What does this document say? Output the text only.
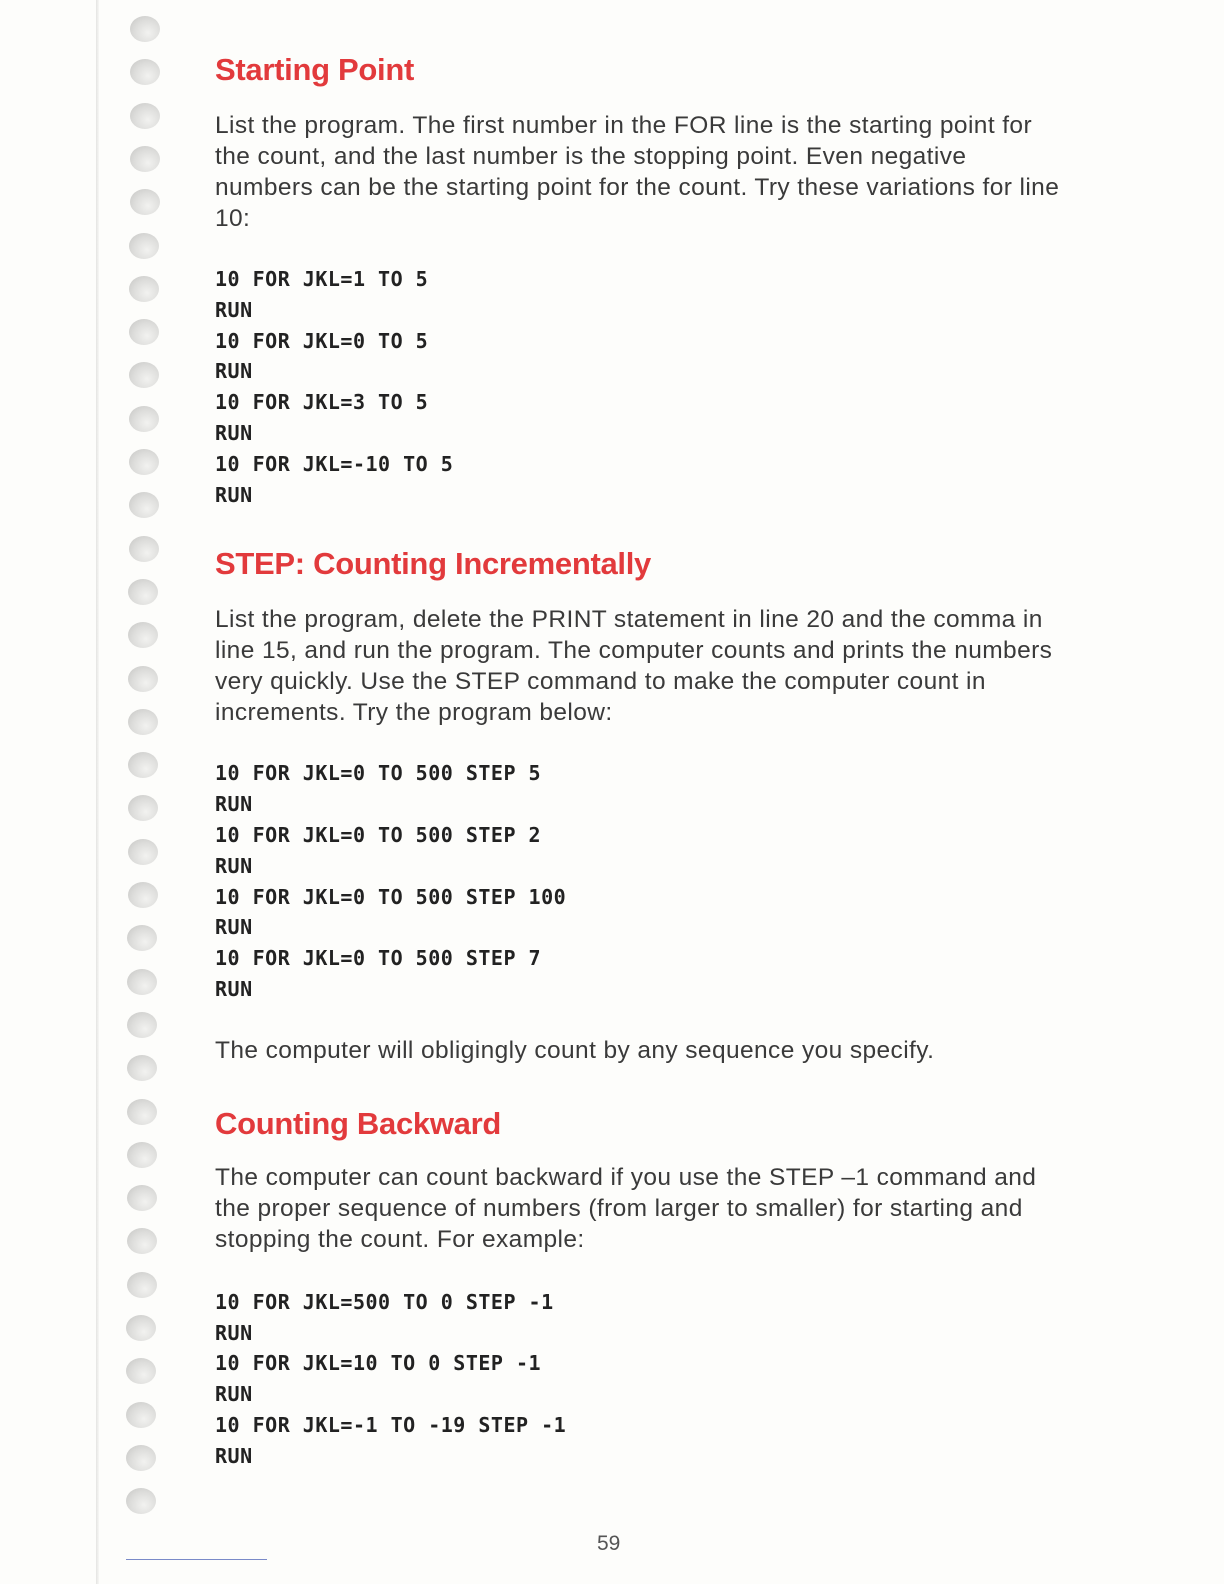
Starting Point

List the program. The first number in the FOR line is the starting point for the count, and the last number is the stopping point. Even negative numbers can be the starting point for the count. Try these variations for line 10:

10 FOR JKL=1 TO 5
RUN
10 FOR JKL=0 TO 5
RUN
10 FOR JKL=3 TO 5
RUN
10 FOR JKL=-10 TO 5
RUN
STEP: Counting Incrementally

List the program, delete the PRINT statement in line 20 and the comma in line 15, and run the program. The computer counts and prints the numbers very quickly. Use the STEP command to make the computer count in increments. Try the program below:

10 FOR JKL=0 TO 500 STEP 5
RUN
10 FOR JKL=0 TO 500 STEP 2
RUN
10 FOR JKL=0 TO 500 STEP 100
RUN
10 FOR JKL=0 TO 500 STEP 7
RUN

The computer will obligingly count by any sequence you specify.

Counting Backward

The computer can count backward if you use the STEP –1 command and the proper sequence of numbers (from larger to smaller) for starting and stopping the count. For example:

10 FOR JKL=500 TO 0 STEP -1
RUN
10 FOR JKL=10 TO 0 STEP -1
RUN
10 FOR JKL=-1 TO -19 STEP -1
RUN
59
